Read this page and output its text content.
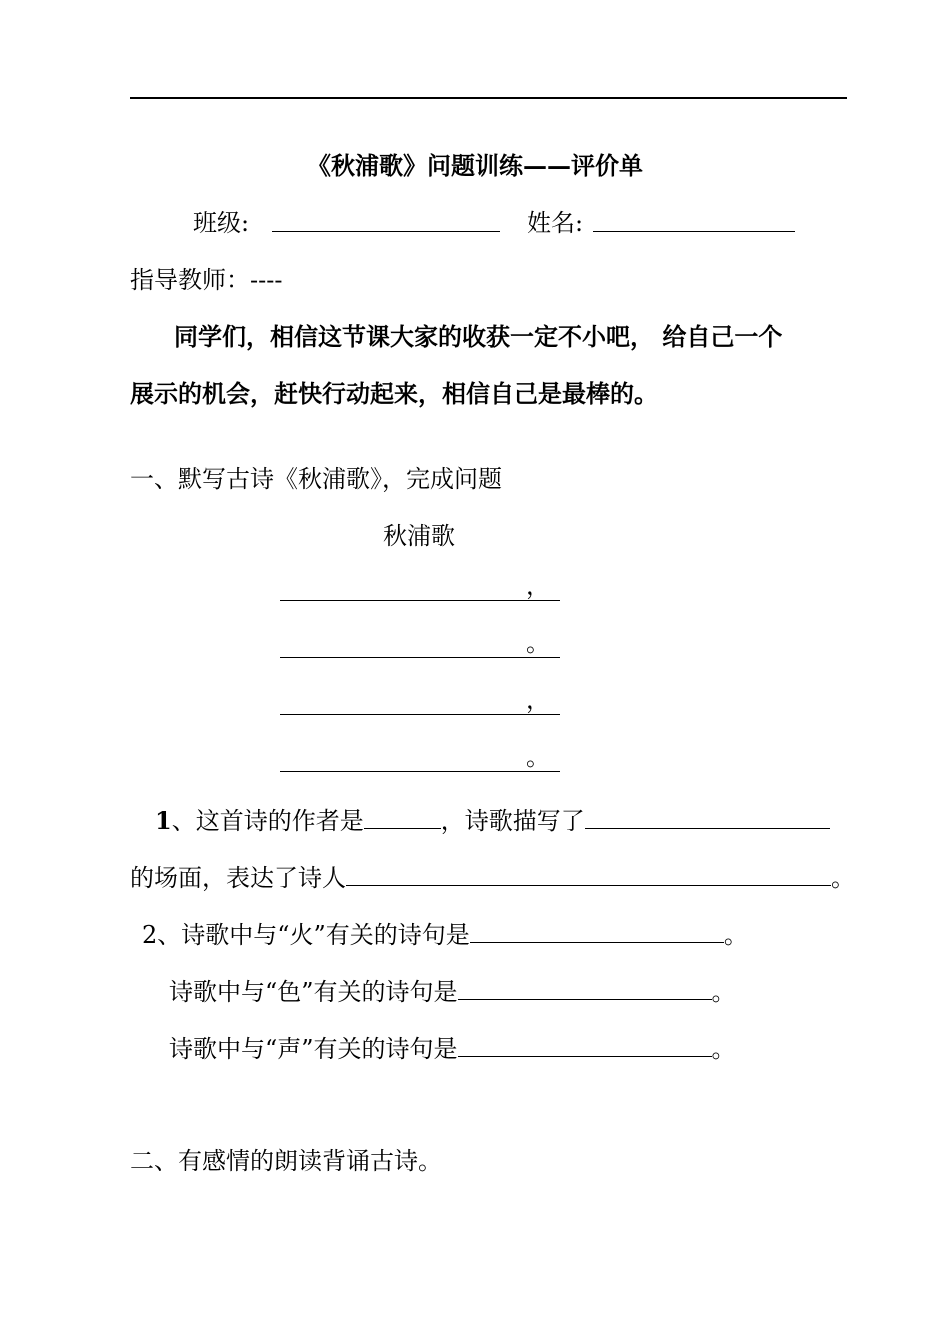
《秋浦歌》问题训练——评价单
班级:	姓名:
指导教师：----
同学们，相信这节课大家的收获一定不小吧， 给自己一个
展示的机会，赶快行动起来，相信自己是最棒的。
一、默写古诗《秋浦歌》，完成问题
秋浦歌
，
。
，
。
1、这首诗的作者是	，诗歌描写了
的场面，表达了诗人	。
2、诗歌中与“火”有关的诗句是	。
诗歌中与“色”有关的诗句是	。
诗歌中与“声”有关的诗句是	。
二、有感情的朗读背诵古诗。
